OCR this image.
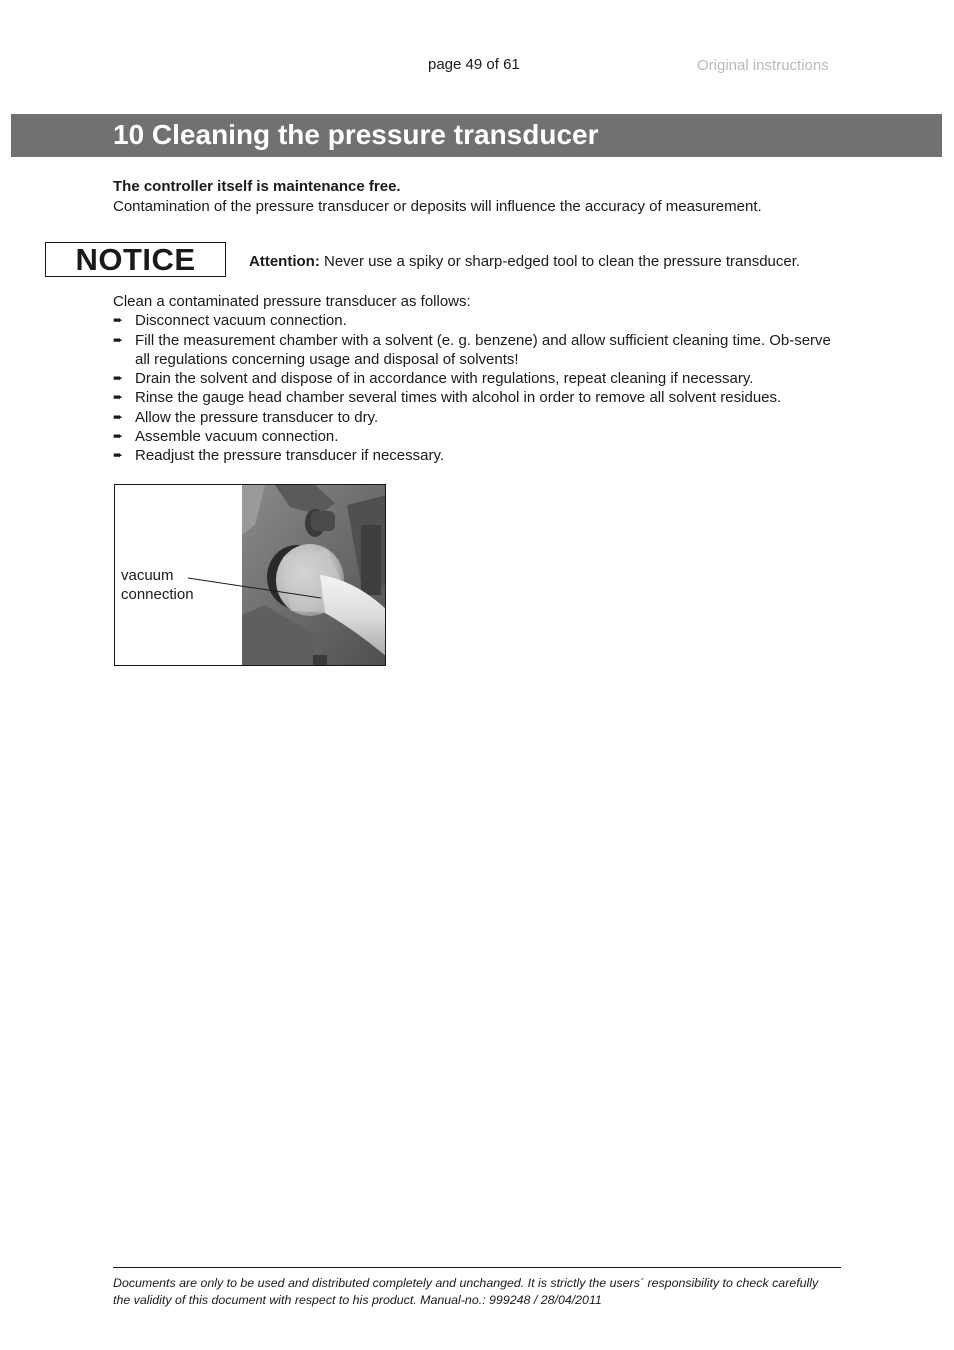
page 49 of 61	Original instructions
10 Cleaning the pressure transducer
The controller itself is maintenance free.
Contamination of the pressure transducer or deposits will influence the accuracy of measurement.
NOTICE	Attention: Never use a spiky or sharp-edged tool to clean the pressure transducer.
Clean a contaminated pressure transducer as follows:
➨ Disconnect vacuum connection.
➨ Fill the measurement chamber with a solvent (e. g. benzene) and allow sufficient cleaning time. Ob-serve all regulations concerning usage and disposal of solvents!
➨ Drain the solvent and dispose of in accordance with regulations, repeat cleaning if necessary.
➨ Rinse the gauge head chamber several times with alcohol in order to remove all solvent residues.
➨ Allow the pressure transducer to dry.
➨ Assemble vacuum connection.
➨ Readjust the pressure transducer if necessary.
vacuum
connection
Documents are only to be used and distributed completely and unchanged. It is strictly the users´ responsibility to check carefully
the validity of this document with respect to his product. Manual-no.: 999248 / 28/04/2011
